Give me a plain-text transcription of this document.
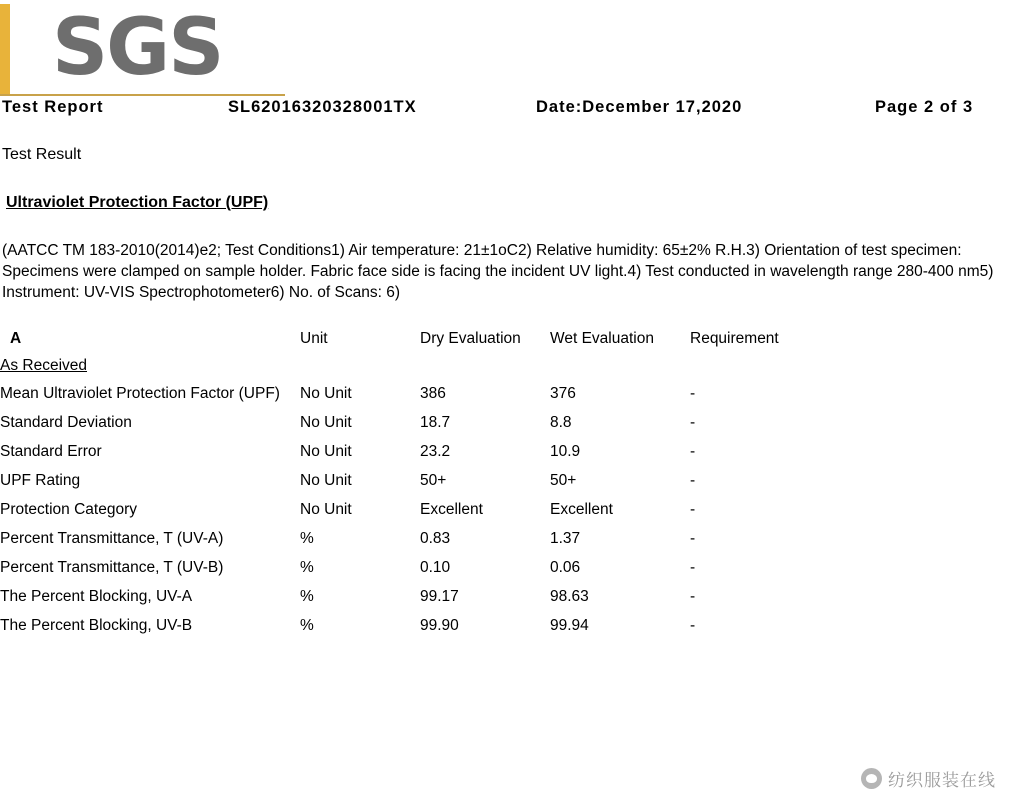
SGS
Test Report	SL62016320328001TX	Date:December 17,2020	Page 2 of 3
Test Result
Ultraviolet Protection Factor (UPF)
(AATCC TM 183-2010(2014)e2; Test Conditions1) Air temperature: 21±1oC2) Relative humidity: 65±2% R.H.3) Orientation of test specimen: Specimens were clamped on sample holder. Fabric face side is facing the incident UV light.4) Test conducted in wavelength range 280-400 nm5) Instrument: UV-VIS Spectrophotometer6) No. of Scans: 6)
A	Unit	Dry Evaluation	Wet Evaluation	Requirement
As Received				
Mean Ultraviolet Protection Factor (UPF)	No Unit	386	376	-
Standard Deviation	No Unit	18.7	8.8	-
Standard Error	No Unit	23.2	10.9	-
UPF Rating	No Unit	50+	50+	-
Protection Category	No Unit	Excellent	Excellent	-
Percent Transmittance, T (UV-A)	%	0.83	1.37	-
Percent Transmittance, T (UV-B)	%	0.10	0.06	-
The Percent Blocking, UV-A	%	99.17	98.63	-
The Percent Blocking, UV-B	%	99.90	99.94	-
纺织服装在线
